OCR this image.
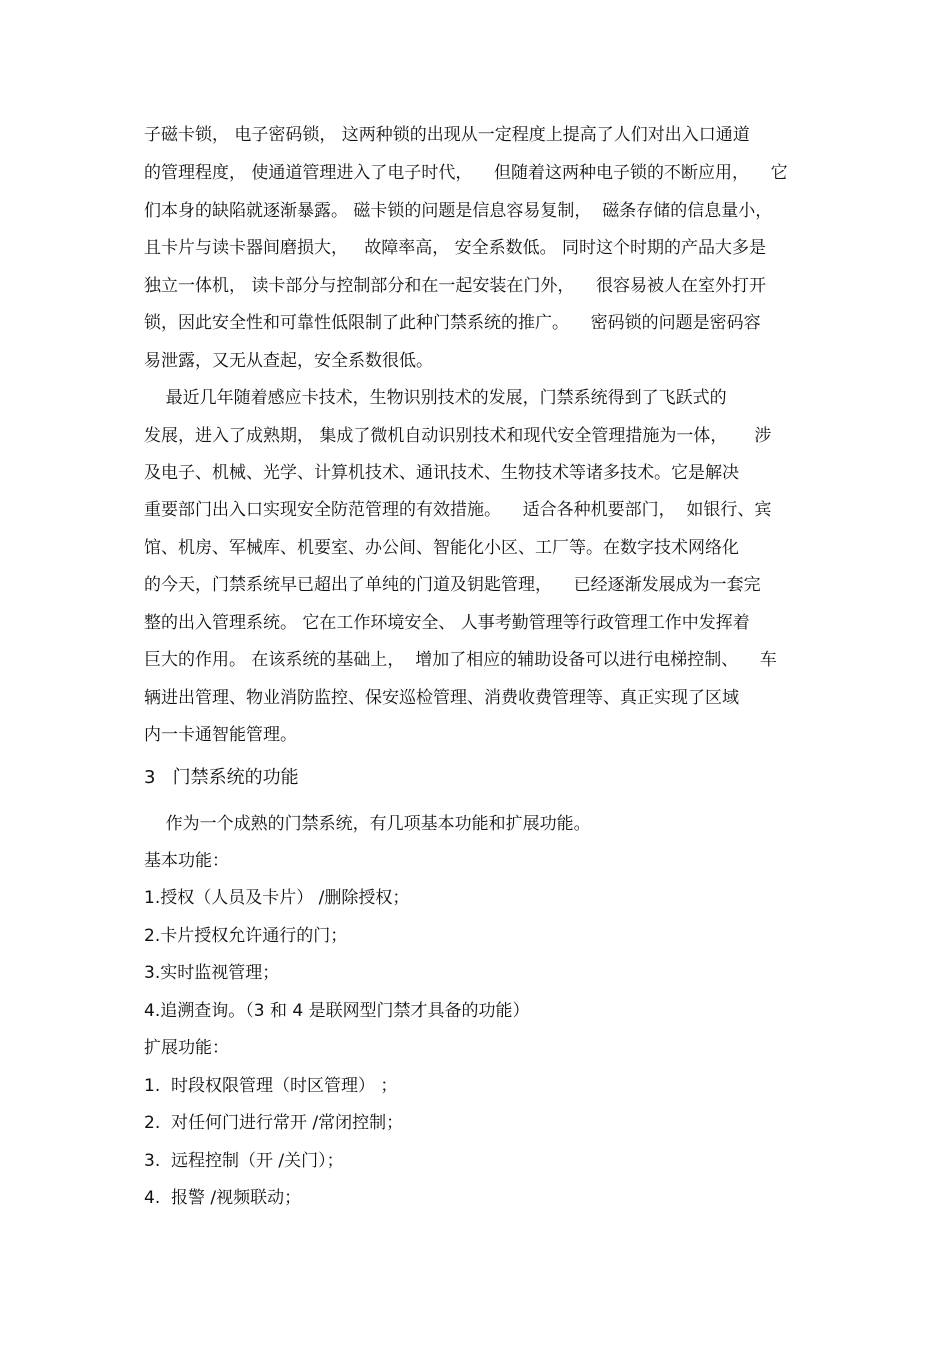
子磁卡锁， 电子密码锁， 这两种锁的出现从一定程度上提高了人们对出入口通道
的管理程度， 使通道管理进入了电子时代，    但随着这两种电子锁的不断应用，    它
们本身的缺陷就逐渐暴露。 磁卡锁的问题是信息容易复制，  磁条存储的信息量小，
且卡片与读卡器间磨损大，   故障率高， 安全系数低。 同时这个时期的产品大多是
独立一体机， 读卡部分与控制部分和在一起安装在门外，    很容易被人在室外打开
锁，因此安全性和可靠性低限制了此种门禁系统的推广。    密码锁的问题是密码容
易泄露，又无从查起，安全系数很低。
最近几年随着感应卡技术，生物识别技术的发展，门禁系统得到了飞跃式的
发展，进入了成熟期， 集成了微机自动识别技术和现代安全管理措施为一体，     涉
及电子、机械、光学、计算机技术、通讯技术、生物技术等诸多技术。它是解决
重要部门出入口实现安全防范管理的有效措施。    适合各种机要部门，  如银行、宾
馆、机房、军械库、机要室、办公间、智能化小区、工厂等。在数字技术网络化
的今天，门禁系统早已超出了单纯的门道及钥匙管理，    已经逐渐发展成为一套完
整的出入管理系统。 它在工作环境安全、 人事考勤管理等行政管理工作中发挥着
巨大的作用。 在该系统的基础上，  增加了相应的辅助设备可以进行电梯控制、    车
辆进出管理、物业消防监控、保安巡检管理、消费收费管理等、真正实现了区域
内一卡通智能管理。
3   门禁系统的功能
作为一个成熟的门禁系统，有几项基本功能和扩展功能。
基本功能：
1.授权（人员及卡片） /删除授权；
2.卡片授权允许通行的门；
3.实时监视管理；
4.追溯查询。（3 和 4 是联网型门禁才具备的功能）
扩展功能：
1.  时段权限管理（时区管理） ；
2.  对任何门进行常开 /常闭控制；
3.  远程控制（开 /关门）；
4.  报警 /视频联动；
